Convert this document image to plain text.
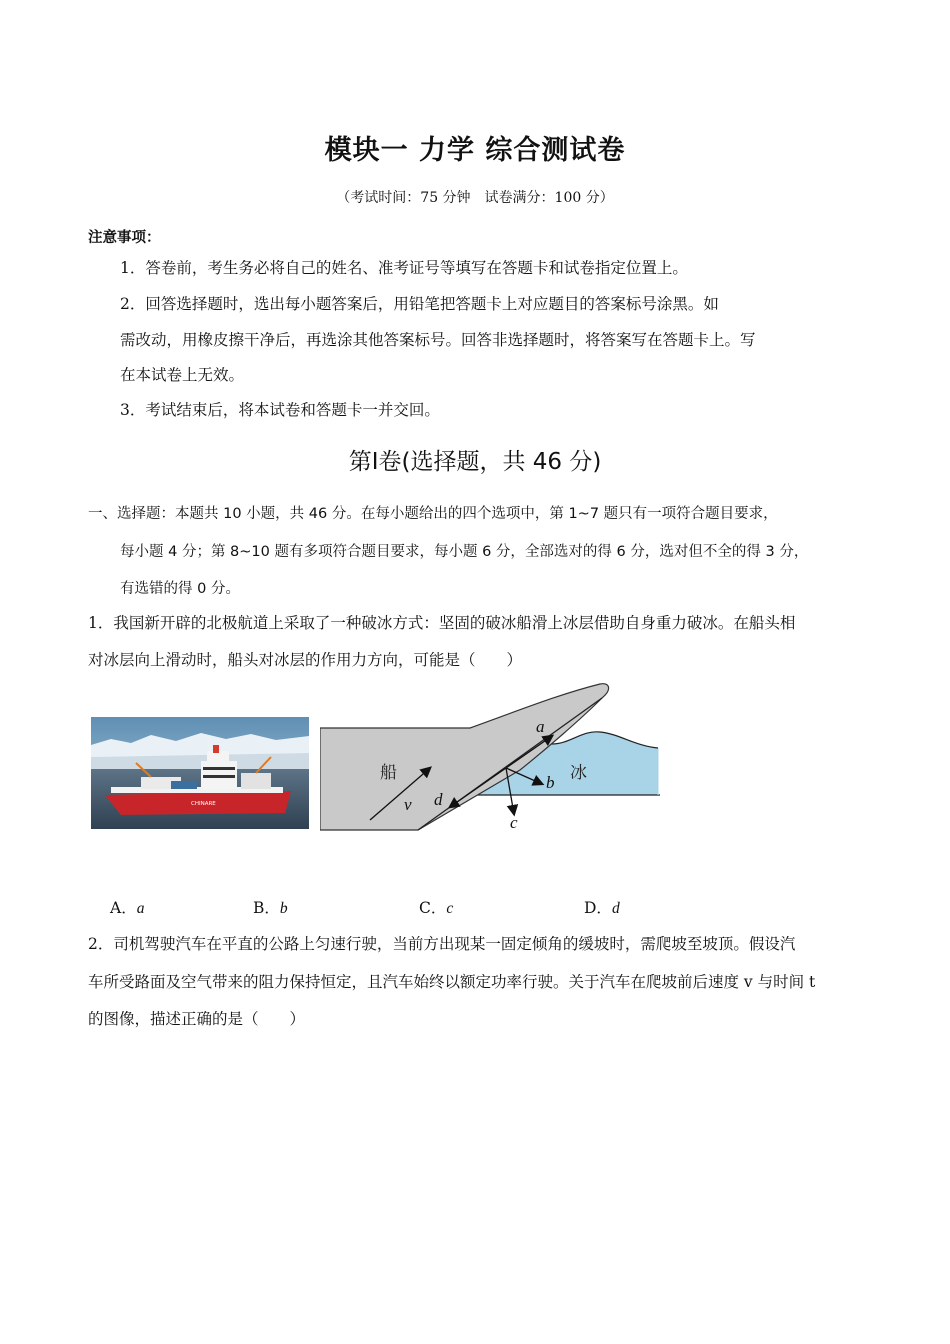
模块一 力学 综合测试卷
（考试时间：75 分钟　试卷满分：100 分）
注意事项：
1．答卷前，考生务必将自己的姓名、准考证号等填写在答题卡和试卷指定位置上。
2．回答选择题时，选出每小题答案后，用铅笔把答题卡上对应题目的答案标号涂黑。如
需改动，用橡皮擦干净后，再选涂其他答案标号。回答非选择题时，将答案写在答题卡上。写
在本试卷上无效。
3．考试结束后，将本试卷和答题卡一并交回。
第Ⅰ卷(选择题，共 46 分)
一、选择题：本题共 10 小题，共 46 分。在每小题给出的四个选项中，第 1~7 题只有一项符合题目要求，
每小题 4 分；第 8~10 题有多项符合题目要求，每小题 6 分，全部选对的得 6 分，选对但不全的得 3 分，
有选错的得 0 分。
1．我国新开辟的北极航道上采取了一种破冰方式：坚固的破冰船滑上冰层借助自身重力破冰。在船头相
对冰层向上滑动时，船头对冰层的作用力方向，可能是（　　）
CHINARE
船	冰
v
a
b
c
d
A．a	B．b	C．c	D．d
2．司机驾驶汽车在平直的公路上匀速行驶，当前方出现某一固定倾角的缓坡时，需爬坡至坡顶。假设汽
车所受路面及空气带来的阻力保持恒定，且汽车始终以额定功率行驶。关于汽车在爬坡前后速度 v 与时间 t
的图像，描述正确的是（　　）
